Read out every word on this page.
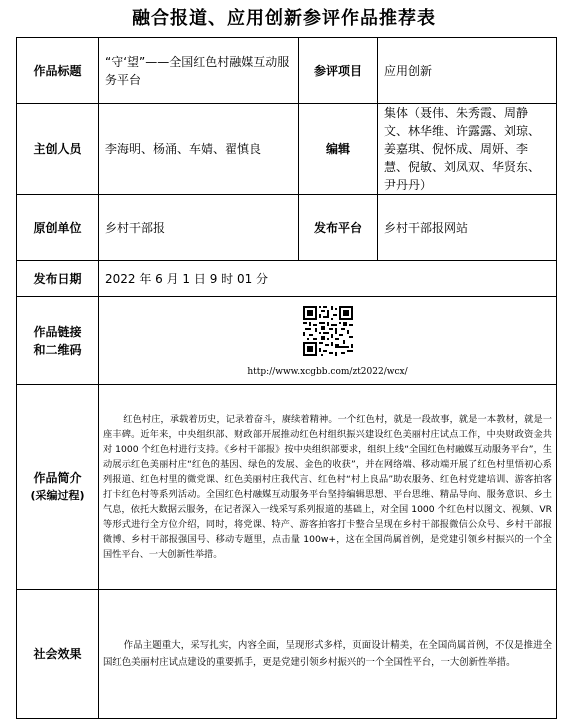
融合报道、应用创新参评作品推荐表
作品标题	“守‘望”——全国红色村融媒互动服务平台	参评项目	应用创新
主创人员	李海明、杨涌、车婧、翟慎良	编辑	集体（聂伟、朱秀霞、周静文、林华维、许露露、刘琼、姜嘉琪、倪怀成、周妍、李慧、倪敏、刘凤双、华贤东、尹丹丹）
原创单位	乡村干部报	发布平台	乡村干部报网站
发布日期	2022 年 6 月 1 日 9 时 01 分		

作品链接
和二维码	http://www.xcgbb.com/zt2022/wcx/		

作品简介
(采编过程)	红色村庄，承载着历史，记录着奋斗，赓续着精神。一个红色村，就是一段故事，就是一本教材，就是一座丰碑。近年来，中央组织部、财政部开展推动红色村组织振兴建设红色美丽村庄试点工作，中央财政资金共对 1000 个红色村进行支持。《乡村干部报》按中央组织部要求，组织上线“全国红色村融媒互动服务平台”，生动展示红色美丽村庄“红色的基因、绿色的发展、金色的收获”，并在网络端、移动端开展了红色村里悟初心系列报道、红色村里的微党课、红色美丽村庄我代言、红色村“村上良品”助农服务、红色村党建培训、游客拍客打卡红色村等系列活动。全国红色村融媒互动服务平台坚持编辑思想、平台思维、精品导向、服务意识、乡土气息，依托大数据云服务，在记者深入一线采写系列报道的基础上，对全国 1000 个红色村以图文、视频、VR 等形式进行全方位介绍，同时，将党课、特产、游客拍客打卡整合呈现在乡村干部报微信公众号、乡村干部报微博、乡村干部报强国号、移动专题里，点击量 100w+，这在全国尚属首例，是党建引领乡村振兴的一个全国性平台、一大创新性举措。		
社会效果	作品主题重大，采写扎实，内容全面，呈现形式多样，页面设计精美，在全国尚属首例，不仅是推进全国红色美丽村庄试点建设的重要抓手，更是党建引领乡村振兴的一个全国性平台，一大创新性举措。		
